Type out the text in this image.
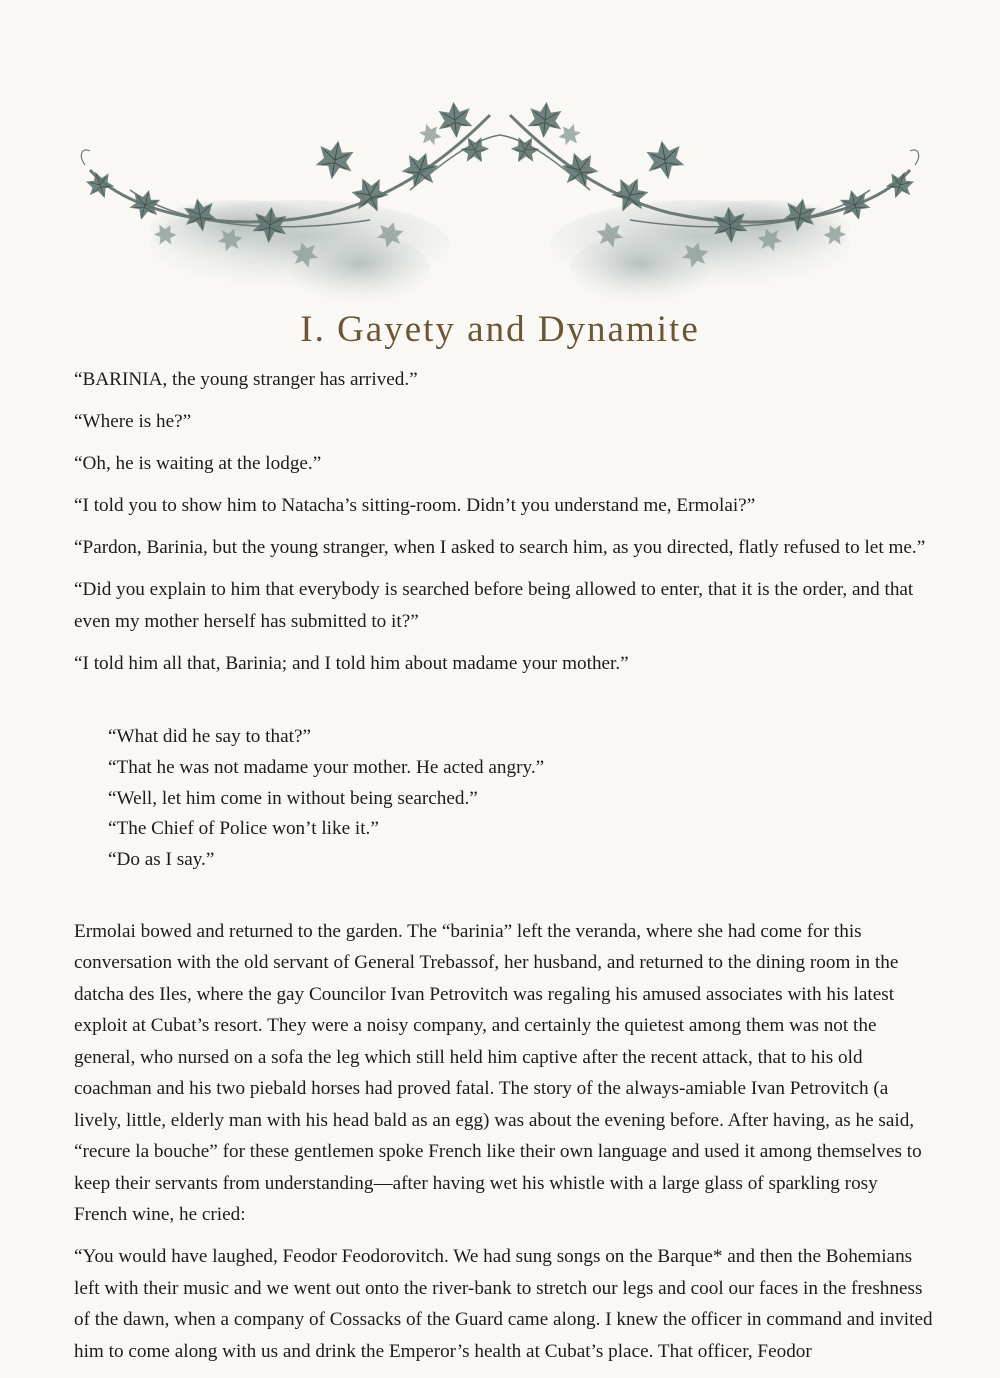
I. Gayety and Dynamite

“BARINIA, the young stranger has arrived.”

“Where is he?”

“Oh, he is waiting at the lodge.”

“I told you to show him to Natacha’s sitting-room. Didn’t you understand me, Ermolai?”

“Pardon, Barinia, but the young stranger, when I asked to search him, as you directed, flatly refused to let me.”

“Did you explain to him that everybody is searched before being allowed to enter, that it is the order, and that even my mother herself has submitted to it?”

“I told him all that, Barinia; and I told him about madame your mother.”

“What did he say to that?”
“That he was not madame your mother. He acted angry.”
“Well, let him come in without being searched.”
“The Chief of Police won’t like it.”
“Do as I say.”

Ermolai bowed and returned to the garden. The “barinia” left the veranda, where she had come for this conversation with the old servant of General Trebassof, her husband, and returned to the dining room in the datcha des Iles, where the gay Councilor Ivan Petrovitch was regaling his amused associates with his latest exploit at Cubat’s resort. They were a noisy company, and certainly the quietest among them was not the general, who nursed on a sofa the leg which still held him captive after the recent attack, that to his old coachman and his two piebald horses had proved fatal. The story of the always-amiable Ivan Petrovitch (a lively, little, elderly man with his head bald as an egg) was about the evening before. After having, as he said, “recure la bouche” for these gentlemen spoke French like their own language and used it among themselves to keep their servants from understanding—after having wet his whistle with a large glass of sparkling rosy French wine, he cried:

“You would have laughed, Feodor Feodorovitch. We had sung songs on the Barque* and then the Bohemians left with their music and we went out onto the river-bank to stretch our legs and cool our faces in the freshness of the dawn, when a company of Cossacks of the Guard came along. I knew the officer in command and invited him to come along with us and drink the Emperor’s health at Cubat’s place. That officer, Feodor
